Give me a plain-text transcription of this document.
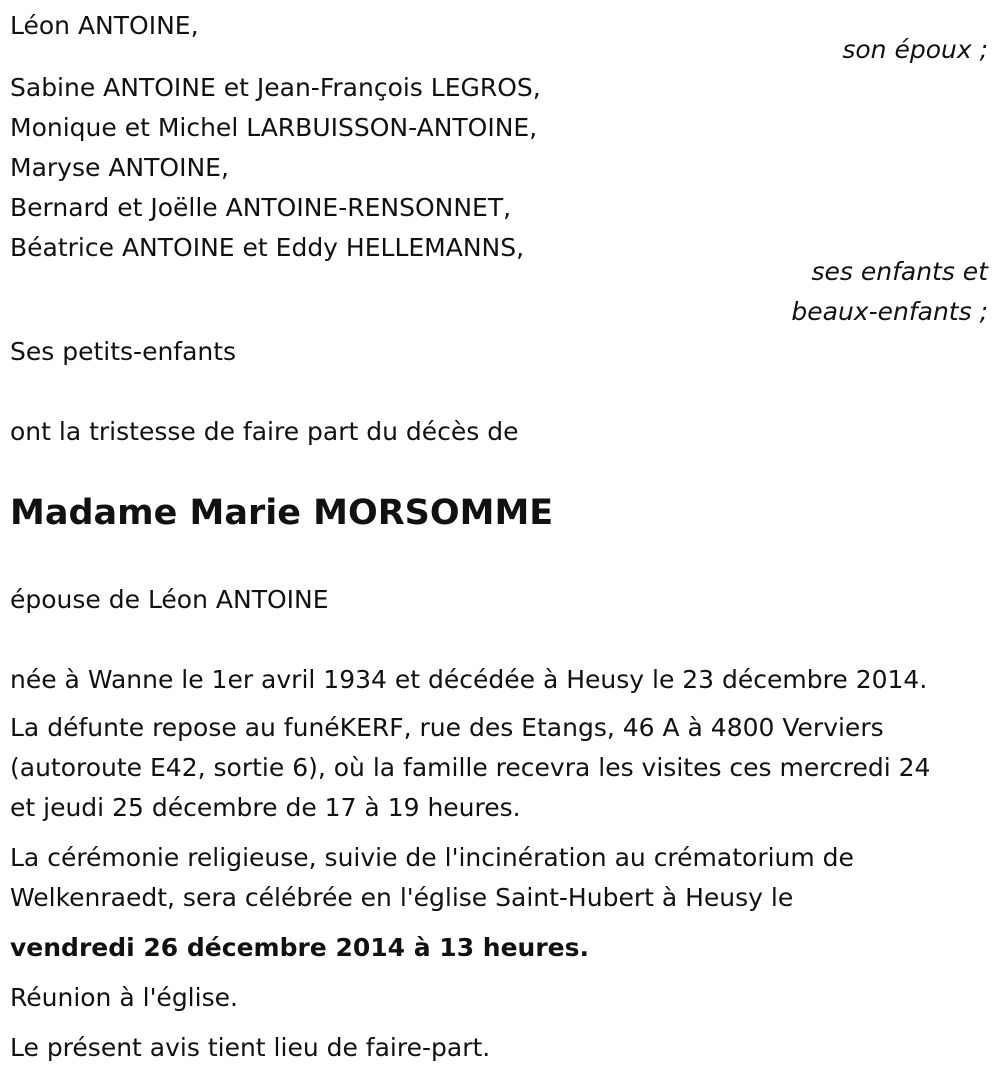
Léon ANTOINE,

son époux ;

Sabine ANTOINE et Jean-François LEGROS,

Monique et Michel LARBUISSON-ANTOINE,

Maryse ANTOINE,

Bernard et Joëlle ANTOINE-RENSONNET,

Béatrice ANTOINE et Eddy HELLEMANNS,

ses enfants et

beaux-enfants ;

Ses petits-enfants

ont la tristesse de faire part du décès de

Madame Marie MORSOMME

épouse de Léon ANTOINE

née à Wanne le 1er avril 1934 et décédée à Heusy le 23 décembre 2014.

La défunte repose au funéKERF, rue des Etangs, 46 A à 4800 Verviers

(autoroute E42, sortie 6), où la famille recevra les visites ces mercredi 24

et jeudi 25 décembre de 17 à 19 heures.

La cérémonie religieuse, suivie de l'incinération au crématorium de

Welkenraedt, sera célébrée en l'église Saint-Hubert à Heusy le

vendredi 26 décembre 2014 à 13 heures.

Réunion à l'église.

Le présent avis tient lieu de faire-part.
